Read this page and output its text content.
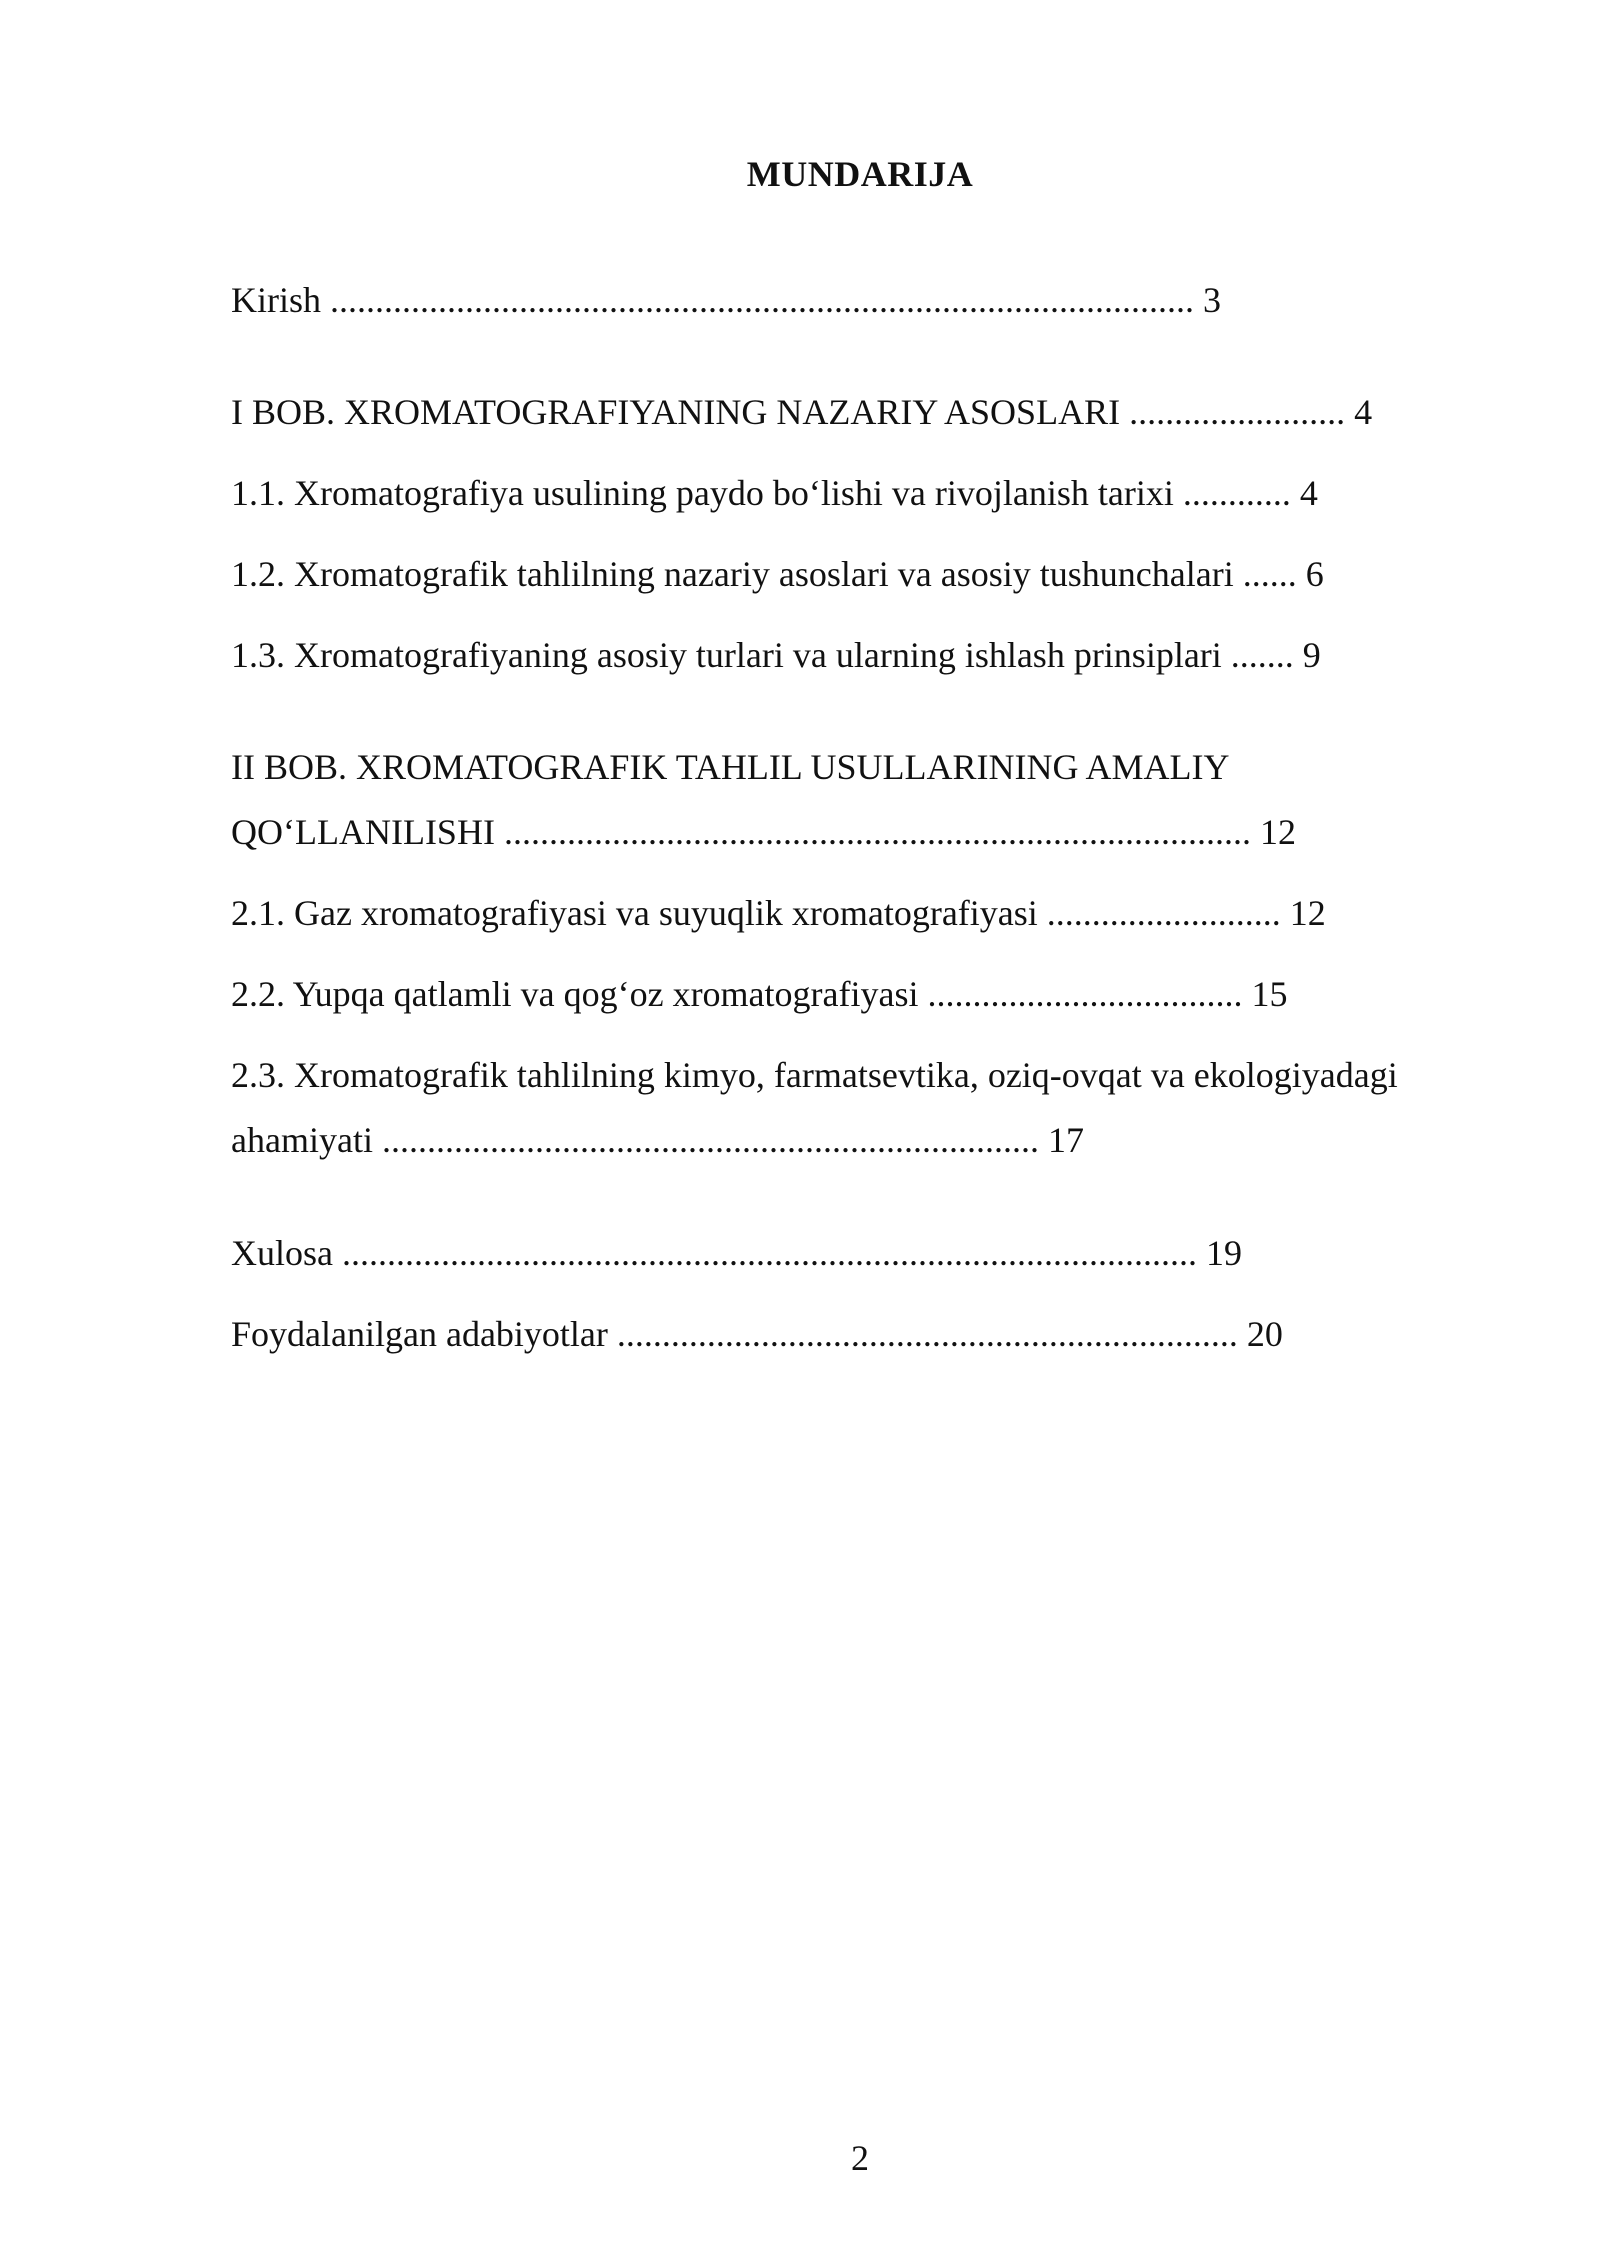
MUNDARIJA
Kirish ................................................................................................ 3
I BOB. XROMATOGRAFIYANING NAZARIY ASOSLARI ........................ 4
1.1. Xromatografiya usulining paydo bo‘lishi va rivojlanish tarixi ............ 4
1.2. Xromatografik tahlilning nazariy asoslari va asosiy tushunchalari ...... 6
1.3. Xromatografiyaning asosiy turlari va ularning ishlash prinsiplari ....... 9
II BOB. XROMATOGRAFIK TAHLIL USULLARINING AMALIY
QO‘LLANILISHI ................................................................................... 12
2.1. Gaz xromatografiyasi va suyuqlik xromatografiyasi .......................... 12
2.2. Yupqa qatlamli va qog‘oz xromatografiyasi ................................... 15
2.3. Xromatografik tahlilning kimyo, farmatsevtika, oziq-ovqat va ekologiyadagi
ahamiyati ......................................................................... 17
Xulosa ............................................................................................... 19
Foydalanilgan adabiyotlar ..................................................................... 20
2
